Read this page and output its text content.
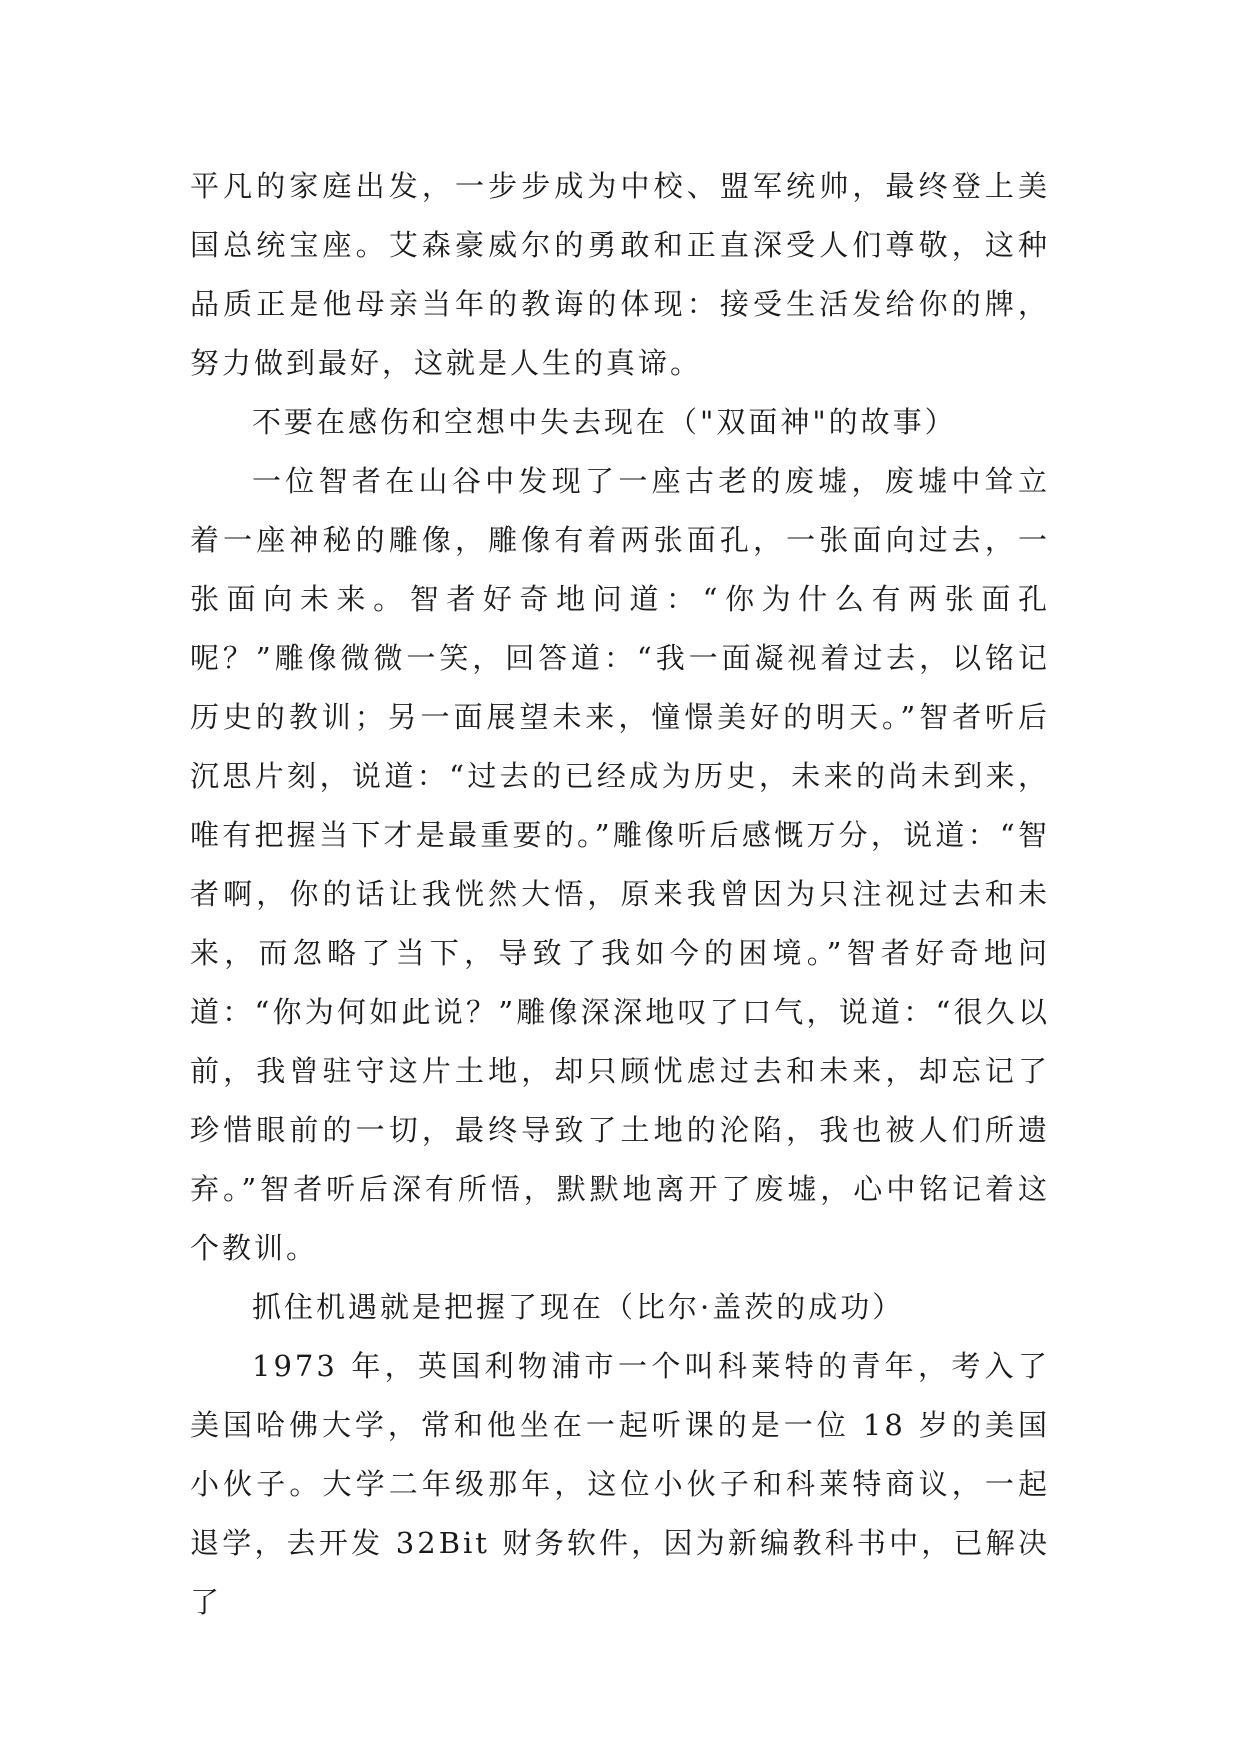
平凡的家庭出发，一步步成为中校、盟军统帅，最终登上美国总统宝座。艾森豪威尔的勇敢和正直深受人们尊敬，这种品质正是他母亲当年的教诲的体现：接受生活发给你的牌，努力做到最好，这就是人生的真谛。

不要在感伤和空想中失去现在（"双面神"的故事）

一位智者在山谷中发现了一座古老的废墟，废墟中耸立着一座神秘的雕像，雕像有着两张面孔，一张面向过去，一张面向未来。智者好奇地问道：“你为什么有两张面孔呢？”雕像微微一笑，回答道：“我一面凝视着过去，以铭记历史的教训；另一面展望未来，憧憬美好的明天。”智者听后沉思片刻，说道：“过去的已经成为历史，未来的尚未到来，唯有把握当下才是最重要的。”雕像听后感慨万分，说道：“智者啊，你的话让我恍然大悟，原来我曾因为只注视过去和未来，而忽略了当下，导致了我如今的困境。”智者好奇地问道：“你为何如此说？”雕像深深地叹了口气，说道：“很久以前，我曾驻守这片土地，却只顾忧虑过去和未来，却忘记了珍惜眼前的一切，最终导致了土地的沦陷，我也被人们所遗弃。”智者听后深有所悟，默默地离开了废墟，心中铭记着这个教训。

抓住机遇就是把握了现在（比尔·盖茨的成功）

1973 年，英国利物浦市一个叫科莱特的青年，考入了美国哈佛大学，常和他坐在一起听课的是一位 18 岁的美国小伙子。大学二年级那年，这位小伙子和科莱特商议，一起退学，去开发 32Bit 财务软件，因为新编教科书中，已解决了
